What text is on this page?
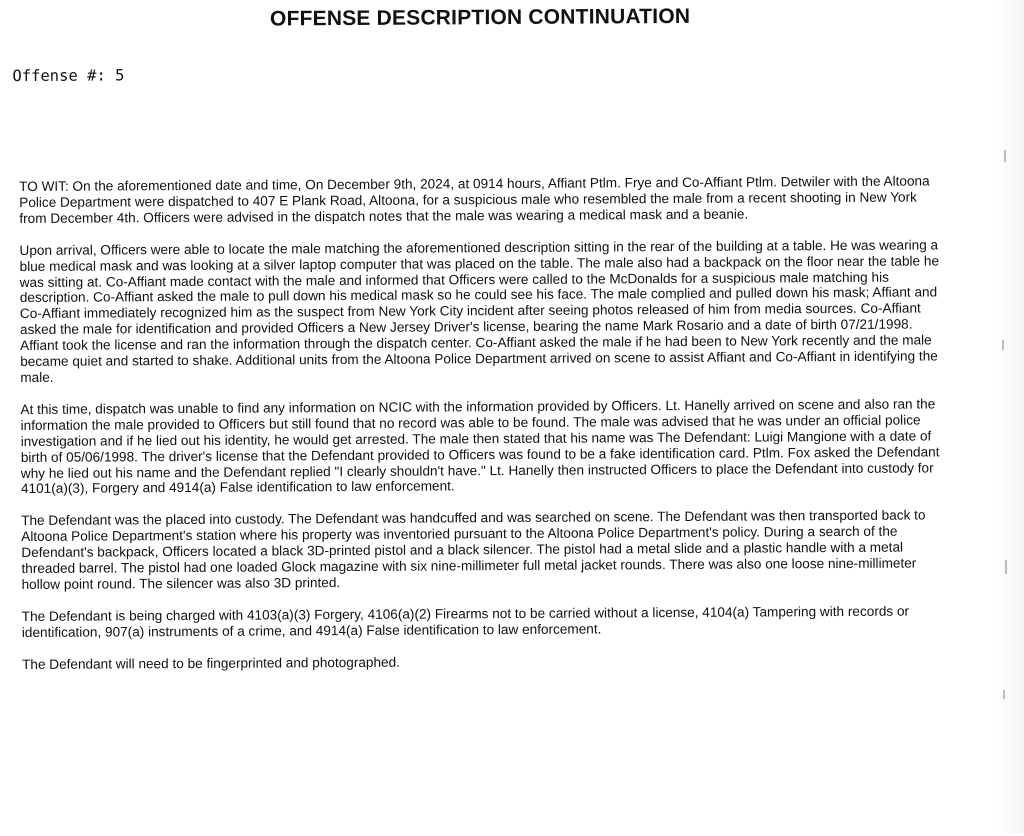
OFFENSE DESCRIPTION CONTINUATION
Offense #: 5

TO WIT: On the aforementioned date and time, On December 9th, 2024, at 0914 hours, Affiant Ptlm. Frye and Co-Affiant Ptlm. Detwiler with the Altoona Police Department were dispatched to 407 E Plank Road, Altoona, for a suspicious male who resembled the male from a recent shooting in New York from December 4th. Officers were advised in the dispatch notes that the male was wearing a medical mask and a beanie.

Upon arrival, Officers were able to locate the male matching the aforementioned description sitting in the rear of the building at a table. He was wearing a blue medical mask and was looking at a silver laptop computer that was placed on the table. The male also had a backpack on the floor near the table he was sitting at. Co-Affiant made contact with the male and informed that Officers were called to the McDonalds for a suspicious male matching his description. Co-Affiant asked the male to pull down his medical mask so he could see his face. The male complied and pulled down his mask; Affiant and Co-Affiant immediately recognized him as the suspect from New York City incident after seeing photos released of him from media sources. Co-Affiant asked the male for identification and provided Officers a New Jersey Driver's license, bearing the name Mark Rosario and a date of birth 07/21/1998. Affiant took the license and ran the information through the dispatch center. Co-Affiant asked the male if he had been to New York recently and the male became quiet and started to shake. Additional units from the Altoona Police Department arrived on scene to assist Affiant and Co-Affiant in identifying the male.

At this time, dispatch was unable to find any information on NCIC with the information provided by Officers. Lt. Hanelly arrived on scene and also ran the information the male provided to Officers but still found that no record was able to be found. The male was advised that he was under an official police investigation and if he lied out his identity, he would get arrested. The male then stated that his name was The Defendant: Luigi Mangione with a date of birth of 05/06/1998. The driver's license that the Defendant provided to Officers was found to be a fake identification card. Ptlm. Fox asked the Defendant why he lied out his name and the Defendant replied "I clearly shouldn't have." Lt. Hanelly then instructed Officers to place the Defendant into custody for 4101(a)(3), Forgery and 4914(a) False identification to law enforcement.

The Defendant was the placed into custody. The Defendant was handcuffed and was searched on scene. The Defendant was then transported back to Altoona Police Department's station where his property was inventoried pursuant to the Altoona Police Department's policy. During a search of the Defendant's backpack, Officers located a black 3D-printed pistol and a black silencer. The pistol had a metal slide and a plastic handle with a metal threaded barrel. The pistol had one loaded Glock magazine with six nine-millimeter full metal jacket rounds. There was also one loose nine-millimeter hollow point round. The silencer was also 3D printed.

The Defendant is being charged with 4103(a)(3) Forgery, 4106(a)(2) Firearms not to be carried without a license, 4104(a) Tampering with records or identification, 907(a) instruments of a crime, and 4914(a) False identification to law enforcement.

The Defendant will need to be fingerprinted and photographed.
